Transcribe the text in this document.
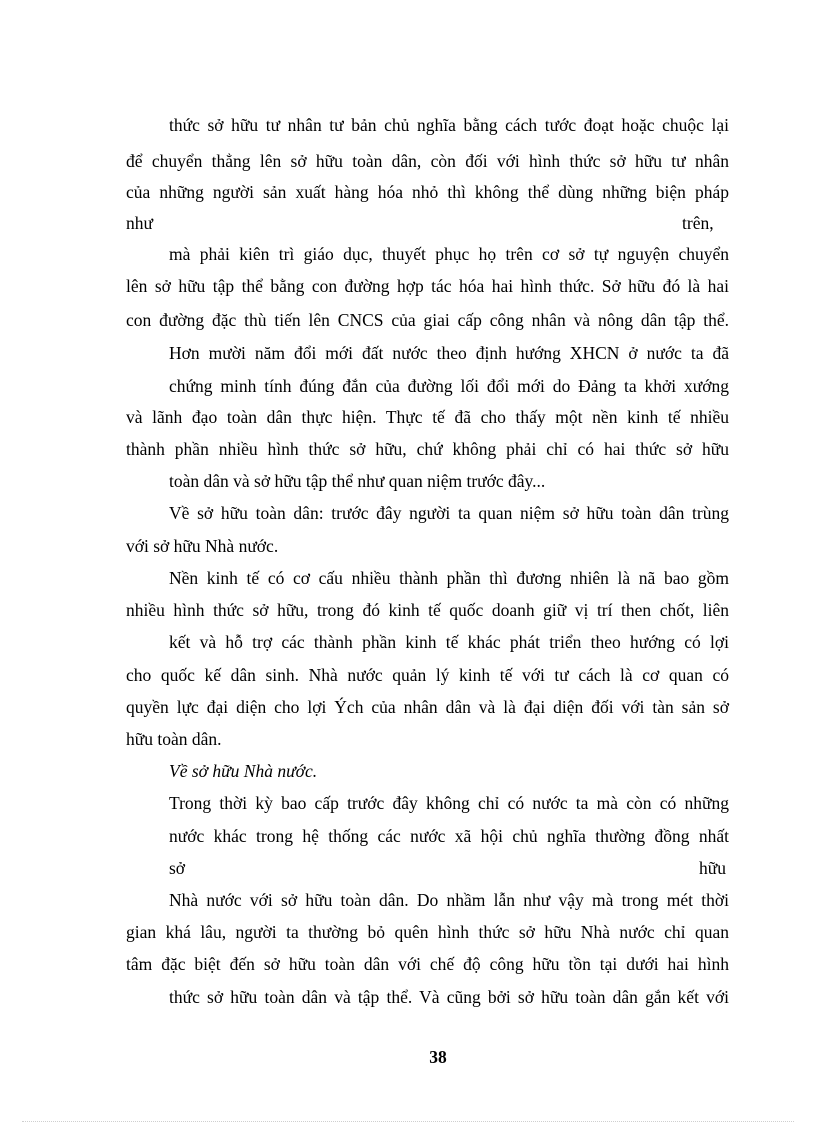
thức sở hữu tư nhân tư bản chủ nghĩa bằng cách tước đoạt hoặc chuộc lại
để chuyển thẳng lên sở hữu toàn dân, còn đối với hình thức sở hữu tư nhân
của những người sản xuất hàng hóa nhỏ thì không thể dùng những biện pháp
như	trên,
mà phải kiên trì giáo dục, thuyết phục họ trên cơ sở tự nguyện chuyển
lên sở hữu tập thể bằng con đường hợp tác hóa hai hình thức. Sở hữu đó là hai
con đường đặc thù tiến lên CNCS của giai cấp công nhân và nông dân tập thể.
Hơn mười năm đổi mới đất nước theo định hướng XHCN ở nước ta đã
chứng minh tính đúng đắn của đường lối đổi mới do Đảng ta khởi xướng
và lãnh đạo toàn dân thực hiện. Thực tế đã cho thấy một nền kinh tế nhiều
thành phần nhiều hình thức sở hữu, chứ không phải chỉ có hai thức sở hữu
toàn dân và sở hữu tập thể như quan niệm trước đây...
Về sở hữu toàn dân: trước đây người ta quan niệm sở hữu toàn dân trùng
với sở hữu Nhà nước.
Nền kinh tế có cơ cấu nhiều thành phần thì đương nhiên là nã bao gồm
nhiều hình thức sở hữu, trong đó kinh tế quốc doanh giữ vị trí then chốt, liên
kết và hỗ trợ các thành phần kinh tế khác phát triển theo hướng có lợi
cho quốc kế dân sinh. Nhà nước quản lý kinh tế với tư cách là cơ quan có
quyền lực đại diện cho lợi Ých của nhân dân và là đại diện đối với tàn sản sở
hữu toàn dân.
Về sở hữu Nhà nước.
Trong thời kỳ bao cấp trước đây không chỉ có nước ta mà còn có những
nước khác trong hệ thống các nước xã hội chủ nghĩa thường đồng nhất
sở	hữu
Nhà nước với sở hữu toàn dân. Do nhầm lẫn như vậy mà trong mét thời
gian khá lâu, người ta thường bỏ quên hình thức sở hữu Nhà nước chỉ quan
tâm đặc biệt đến sở hữu toàn dân với chế độ công hữu tồn tại dưới hai hình
thức sở hữu toàn dân và tập thể. Và cũng bởi sở hữu toàn dân gắn kết với
38
